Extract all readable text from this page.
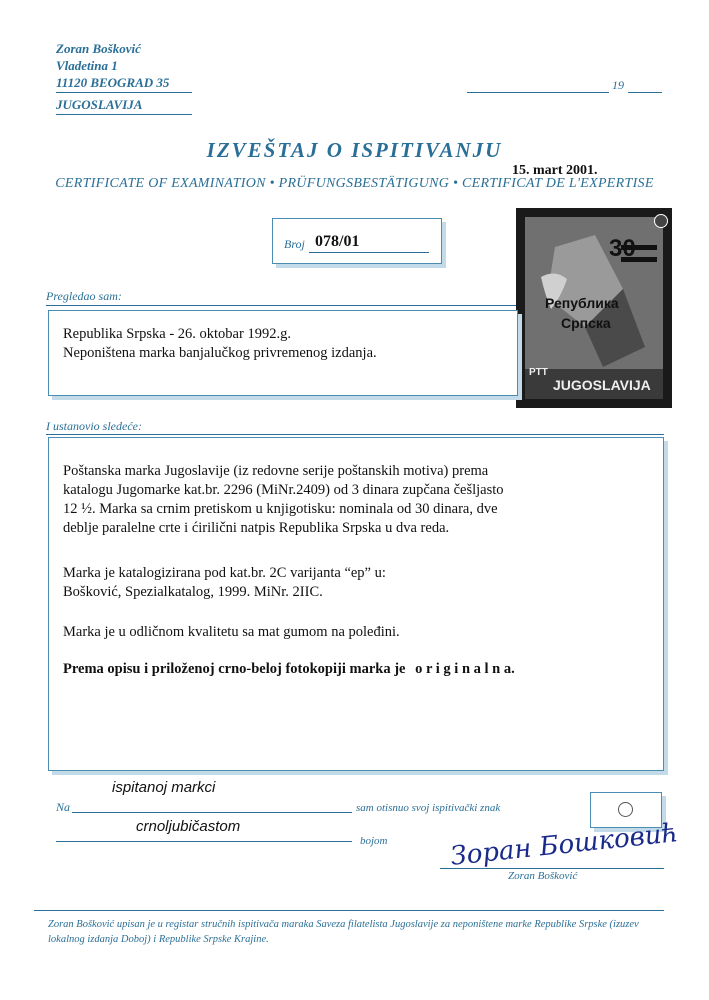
Zoran Bošković
Vladetina 1
11120 BEOGRAD 35
JUGOSLAVIJA
19
IZVEŠTAJ O ISPITIVANJU
15. mart 2001.
CERTIFICATE OF EXAMINATION • PRÜFUNGSBESTÄTIGUNG • CERTIFICAT DE L'EXPERTISE
Broj 078/01	30
Република
Српска
PTT
JUGOSLAVIJA
Pregledao sam:
Republika Srpska - 26. oktobar 1992.g.
Neponištena marka banjalučkog privremenog izdanja.
I ustanovio sledeće:
Poštanska marka Jugoslavije (iz redovne serije poštanskih motiva) prema
katalogu Jugomarke kat.br. 2296 (MiNr.2409) od 3 dinara zupčana češljasto
12 ½. Marka sa crnim pretiskom u knjigotisku: nominala od 30 dinara, dve
deblje paralelne crte i ćirilični natpis Republika Srpska u dva reda.
Marka je katalogizirana pod kat.br. 2C varijanta “ep” u:
Bošković, Spezialkatalog, 1999. MiNr. 2IIC.
Marka je u odličnom kvalitetu sa mat gumom na poleđini.
Prema opisu i priloženoj crno-beloj fotokopiji marka je o r i g i n a l n a.
ispitanoj markci
Na	sam otisnuo svoj ispitivački znak
crnoljubičastom
bojom Зоран Бошковић
Zoran Bošković
Zoran Bošković upisan je u registar stručnih ispitivača maraka Saveza filatelista Jugoslavije za neponištene marke Republike Srpske (izuzev lokalnog izdanja Doboj) i Republike Srpske Krajine.
